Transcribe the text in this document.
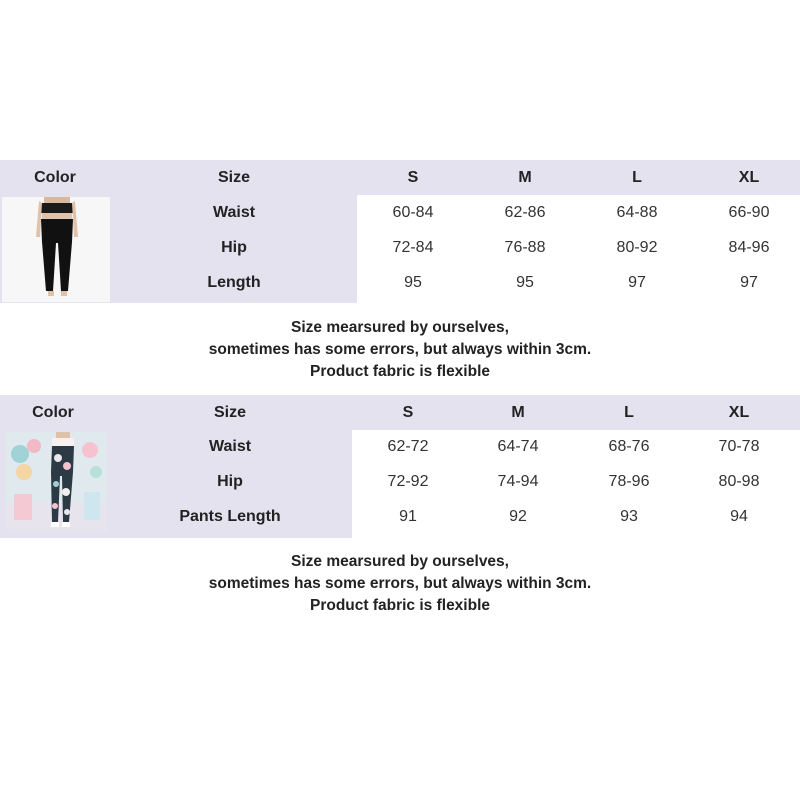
Color	Size	S	M	L	XL
Waist	60-84	62-86	64-88	66-90
Hip	72-84	76-88	80-92	84-96
Length	95	95	97	97
Size mearsured by ourselves,
sometimes has some errors, but always within 3cm.
Product fabric is flexible
Color	Size	S	M	L	XL
Waist	62-72	64-74	68-76	70-78
Hip	72-92	74-94	78-96	80-98
Pants Length	91	92	93	94
Size mearsured by ourselves,
sometimes has some errors, but always within 3cm.
Product fabric is flexible
